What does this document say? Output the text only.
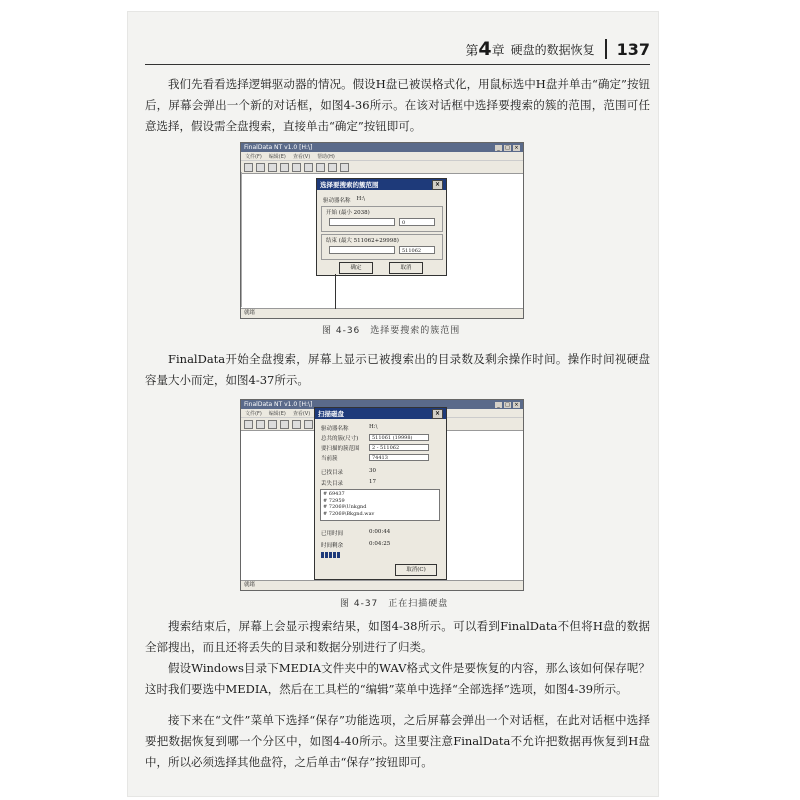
第4章 硬盘的数据恢复 137

我们先看看选择逻辑驱动器的情况。假设H盘已被误格式化，用鼠标选中H盘并单击“确定”按钮后，屏幕会弹出一个新的对话框，如图4-36所示。在该对话框中选择要搜索的簇的范围，范围可任意选择，假设需全盘搜索，直接单击“确定”按钮即可。

FinalData NT v1.0 [H:\]	_	□ ×
文件(F) 编辑(E) 查看(V) 帮助(H)
就绪
选择要搜索的簇范围	×
驱动器名称 H:\
开始 (最小 2038)
0
结束 (最大 511062+29998)
511062
确定	取消
图 4-36　选择要搜索的簇范围

FinalData开始全盘搜索，屏幕上显示已被搜索出的目录数及剩余操作时间。操作时间视硬盘容量大小而定，如图4-37所示。

FinalData NT v1.0 [H:\]	_	□ ×
文件(F) 编辑(E) 查看(V)
就绪
扫描磁盘	×
驱动器名称	H:\
总共的簇(尺寸)	511061 (19998)
要扫描的簇范围	2 - 511062
当前簇	74413
已找目录	30
丢失目录	17
# 69437
# 72959
# 72069\Unkgnd
# 72069\Bkgnd.wav
已用时间	0:00:44
时间剩余	0:04:25
取消(C)
图 4-37　正在扫描硬盘

搜索结束后，屏幕上会显示搜索结果，如图4-38所示。可以看到FinalData不但将H盘的数据全部搜出，而且还将丢失的目录和数据分别进行了归类。

假设Windows目录下MEDIA文件夹中的WAV格式文件是要恢复的内容，那么该如何保存呢？这时我们要选中MEDIA，然后在工具栏的“编辑”菜单中选择“全部选择”选项，如图4-39所示。

接下来在“文件”菜单下选择“保存”功能选项，之后屏幕会弹出一个对话框，在此对话框中选择要把数据恢复到哪一个分区中，如图4-40所示。这里要注意FinalData不允许把数据再恢复到H盘中，所以必须选择其他盘符，之后单击“保存”按钮即可。
